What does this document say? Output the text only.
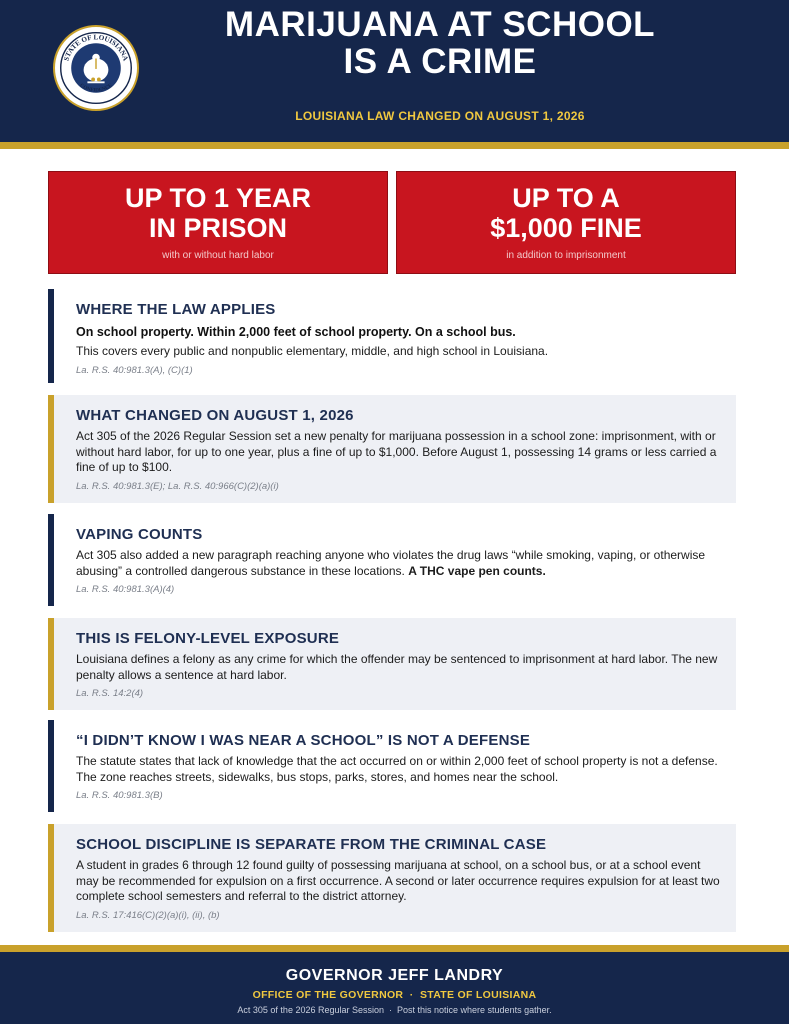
STATE OF LOUISIANA
CONFIDENCE
MARIJUANA AT SCHOOL
IS A CRIME
LOUISIANA LAW CHANGED ON AUGUST 1, 2026
UP TO 1 YEAR
IN PRISON
with or without hard labor
UP TO A
$1,000 FINE
in addition to imprisonment
WHERE THE LAW APPLIES
On school property. Within 2,000 feet of school property. On a school bus.
This covers every public and nonpublic elementary, middle, and high school in Louisiana.
La. R.S. 40:981.3(A), (C)(1)
WHAT CHANGED ON AUGUST 1, 2026
Act 305 of the 2026 Regular Session set a new penalty for marijuana possession in a school zone: imprisonment, with or without hard labor, for up to one year, plus a fine of up to $1,000. Before August 1, possessing 14 grams or less carried a fine of up to $100.
La. R.S. 40:981.3(E); La. R.S. 40:966(C)(2)(a)(i)
VAPING COUNTS
Act 305 also added a new paragraph reaching anyone who violates the drug laws “while smoking, vaping, or otherwise abusing” a controlled dangerous substance in these locations. A THC vape pen counts.
La. R.S. 40:981.3(A)(4)
THIS IS FELONY-LEVEL EXPOSURE
Louisiana defines a felony as any crime for which the offender may be sentenced to imprisonment at hard labor. The new penalty allows a sentence at hard labor.
La. R.S. 14:2(4)
“I DIDN’T KNOW I WAS NEAR A SCHOOL” IS NOT A DEFENSE
The statute states that lack of knowledge that the act occurred on or within 2,000 feet of school property is not a defense. The zone reaches streets, sidewalks, bus stops, parks, stores, and homes near the school.
La. R.S. 40:981.3(B)
SCHOOL DISCIPLINE IS SEPARATE FROM THE CRIMINAL CASE
A student in grades 6 through 12 found guilty of possessing marijuana at school, on a school bus, or at a school event may be recommended for expulsion on a first occurrence. A second or later occurrence requires expulsion for at least two complete school semesters and referral to the district attorney.
La. R.S. 17:416(C)(2)(a)(i), (ii), (b)
GOVERNOR JEFF LANDRY
OFFICE OF THE GOVERNOR  ·  STATE OF LOUISIANA
Act 305 of the 2026 Regular Session  ·  Post this notice where students gather.
